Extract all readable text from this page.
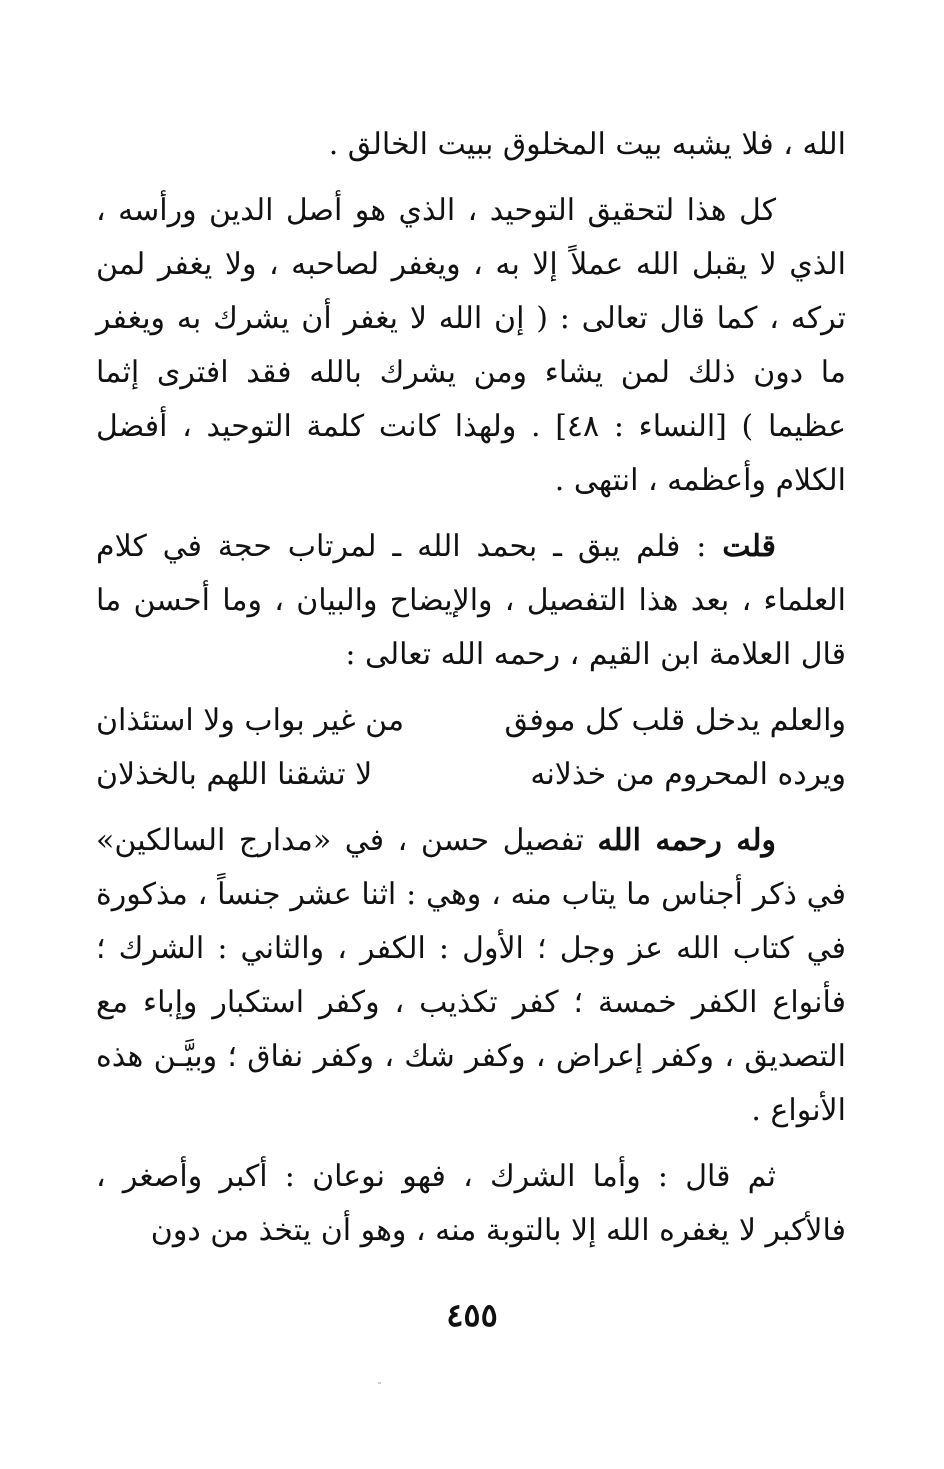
الله ، فلا يشبه بيت المخلوق ببيت الخالق .

كل هذا لتحقيق التوحيد ، الذي هو أصل الدين ورأسه ، الذي لا يقبل الله عملاً إلا به ، ويغفر لصاحبه ، ولا يغفر لمن تركه ، كما قال تعالى : ( إن الله لا يغفر أن يشرك به ويغفر ما دون ذلك لمن يشاء ومن يشرك بالله فقد افترى إثما عظيما ) [النساء : ٤٨] . ولهذا كانت كلمة التوحيد ، أفضل الكلام وأعظمه ، انتهى .

قلت : فلم يبق ـ بحمد الله ـ لمرتاب حجة في كلام العلماء ، بعد هذا التفصيل ، والإيضاح والبيان ، وما أحسن ما قال العلامة ابن القيم ، رحمه الله تعالى :

والعلم يدخل قلب كل موفق
من غير بواب ولا استئذان
ويرده المحروم من خذلانه
لا تشقنا اللهم بالخذلان

وله رحمه الله تفصيل حسن ، في «مدارج السالكين» في ذكر أجناس ما يتاب منه ، وهي : اثنا عشر جنساً ، مذكورة في كتاب الله عز وجل ؛ الأول : الكفر ، والثاني : الشرك ؛ فأنواع الكفر خمسة ؛ كفر تكذيب ، وكفر استكبار وإباء مع التصديق ، وكفر إعراض ، وكفر شك ، وكفر نفاق ؛ وبيَّـن هذه الأنواع .

ثم قال : وأما الشرك ، فهو نوعان : أكبر وأصغر ، فالأكبر لا يغفره الله إلا بالتوبة منه ، وهو أن يتخذ من دون

٤٥٥
